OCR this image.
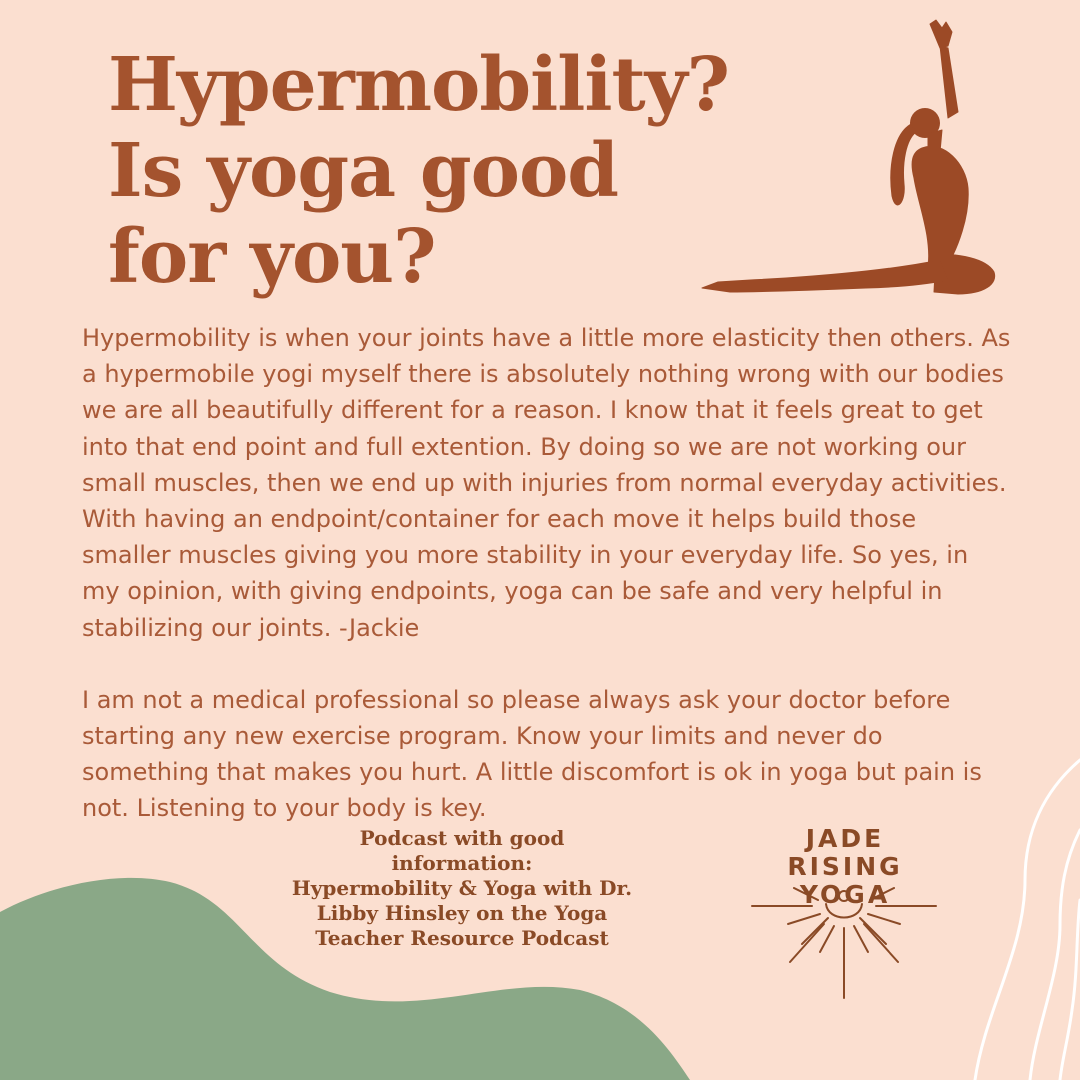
Hypermobility? Is yoga good for you?

Hypermobility is when your joints have a little more elasticity then others. As a hypermobile yogi myself there is absolutely nothing wrong with our bodies we are all beautifully different for a reason. I know that it feels great to get into that end point and full extention. By doing so we are not working our small muscles, then we end up with injuries from normal everyday activities. With having an endpoint/container for each move it helps build those smaller muscles giving you more stability in your everyday life. So yes, in my opinion, with giving endpoints, yoga can be safe and very helpful in stabilizing our joints. -Jackie

I am not a medical professional so please always ask your doctor before starting any new exercise program. Know your limits and never do something that makes you hurt. A little discomfort is ok in yoga but pain is not. Listening to your body is key.

Podcast with good
information:
Hypermobility & Yoga with Dr.
Libby Hinsley on the Yoga
Teacher Resource Podcast
JADE RISING
YOGA
